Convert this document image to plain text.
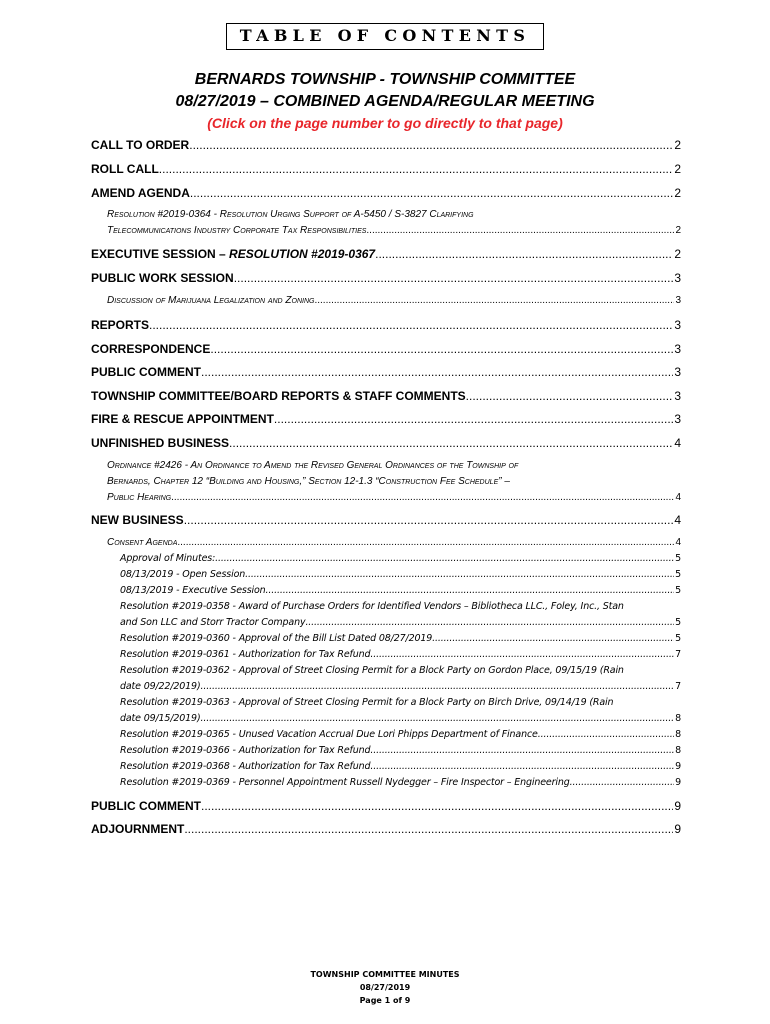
TABLE OF CONTENTS
BERNARDS TOWNSHIP - TOWNSHIP COMMITTEE
08/27/2019 – COMBINED AGENDA/REGULAR MEETING
(Click on the page number to go directly to that page)
CALL TO ORDER .....	2
ROLL CALL .....	2
AMEND AGENDA .....	2
Resolution #2019-0364 - Resolution Urging Support of A-5450 / S-3827 Clarifying
Telecommunications Industry Corporate Tax Responsibilities .....	2
EXECUTIVE SESSION – RESOLUTION #2019-0367 .....	2
PUBLIC WORK SESSION .....	3
Discussion of Marijuana Legalization and Zoning .....	3
REPORTS .....	3
CORRESPONDENCE .....	3
PUBLIC COMMENT .....	3
TOWNSHIP COMMITTEE/BOARD REPORTS & STAFF COMMENTS .....	3
FIRE & RESCUE APPOINTMENT .....	3
UNFINISHED BUSINESS .....	4
Ordinance #2426 - An Ordinance to Amend the Revised General Ordinances of the Township of
Bernards, Chapter 12 “Building and Housing,” Section 12-1.3 “Construction Fee Schedule” –
Public Hearing .....	4
NEW BUSINESS .....	4
Consent Agenda .....	4
Approval of Minutes: .....	5
08/13/2019 - Open Session .....	5
08/13/2019 - Executive Session .....	5
Resolution #2019-0358 - Award of Purchase Orders for Identified Vendors – Bibliotheca LLC., Foley, Inc., Stan
and Son LLC and Storr Tractor Company .....	5
Resolution #2019-0360 - Approval of the Bill List Dated 08/27/2019 .....	5
Resolution #2019-0361 - Authorization for Tax Refund .....	7
Resolution #2019-0362 - Approval of Street Closing Permit for a Block Party on Gordon Place, 09/15/19 (Rain
date 09/22/2019) .....	7
Resolution #2019-0363 - Approval of Street Closing Permit for a Block Party on Birch Drive, 09/14/19 (Rain
date 09/15/2019) .....	8
Resolution #2019-0365 - Unused Vacation Accrual Due Lori Phipps Department of Finance .....	8
Resolution #2019-0366 - Authorization for Tax Refund .....	8
Resolution #2019-0368 - Authorization for Tax Refund .....	9
Resolution #2019-0369 - Personnel Appointment Russell Nydegger – Fire Inspector – Engineering .....	9
PUBLIC COMMENT .....	9
ADJOURNMENT .....	9
TOWNSHIP COMMITTEE MINUTES
08/27/2019
Page 1 of 9
